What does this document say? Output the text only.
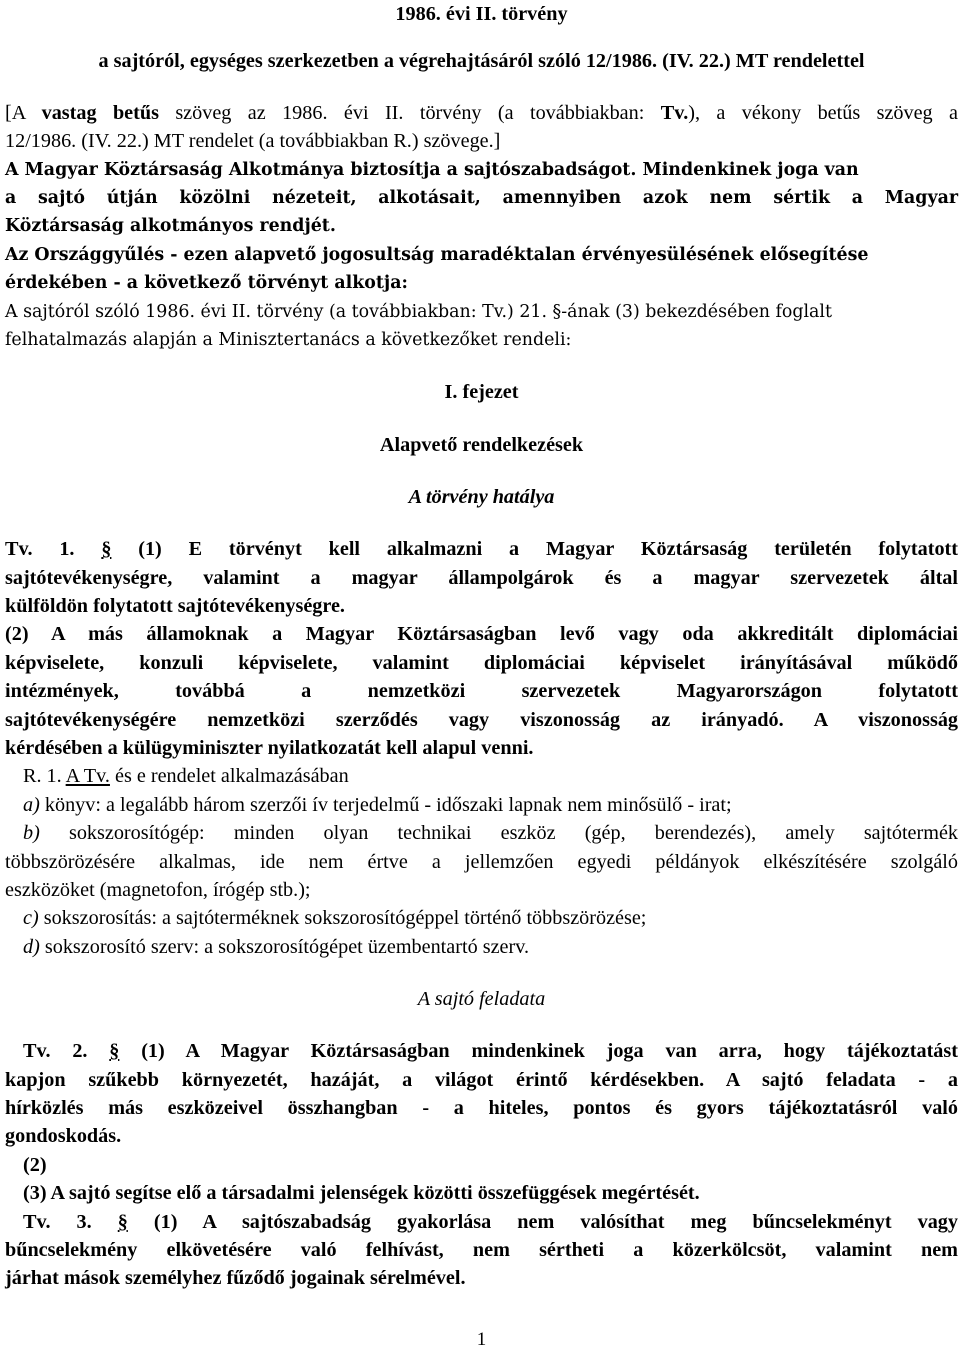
1986. évi II. törvény
a sajtóról, egységes szerkezetben a végrehajtásáról szóló 12/1986. (IV. 22.) MT rendelettel
[A vastag betűs szöveg az 1986. évi II. törvény (a továbbiakban: Tv.), a vékony betűs szöveg a
12/1986. (IV. 22.) MT rendelet (a továbbiakban R.) szövege.]
A Magyar Köztársaság Alkotmánya biztosítja a sajtószabadságot. Mindenkinek joga van
a sajtó útján közölni nézeteit, alkotásait, amennyiben azok nem sértik a Magyar
Köztársaság alkotmányos rendjét.
Az Országgyűlés - ezen alapvető jogosultság maradéktalan érvényesülésének elősegítése
érdekében - a következő törvényt alkotja:
A sajtóról szóló 1986. évi II. törvény (a továbbiakban: Tv.) 21. §-ának (3) bekezdésében foglalt
felhatalmazás alapján a Minisztertanács a következőket rendeli:
I. fejezet
Alapvető rendelkezések
A törvény hatálya
Tv. 1. § (1) E törvényt kell alkalmazni a Magyar Köztársaság területén folytatott
sajtótevékenységre, valamint a magyar állampolgárok és a magyar szervezetek által
külföldön folytatott sajtótevékenységre.
(2) A más államoknak a Magyar Köztársaságban levő vagy oda akkreditált diplomáciai
képviselete, konzuli képviselete, valamint diplomáciai képviselet irányításával működő
intézmények, továbbá a nemzetközi szervezetek Magyarországon folytatott
sajtótevékenységére nemzetközi szerződés vagy viszonosság az irányadó. A viszonosság
kérdésében a külügyminiszter nyilatkozatát kell alapul venni.
R. 1. A Tv. és e rendelet alkalmazásában
a) könyv: a legalább három szerzői ív terjedelmű - időszaki lapnak nem minősülő - irat;
b) sokszorosítógép: minden olyan technikai eszköz (gép, berendezés), amely sajtótermék
többszörözésére alkalmas, ide nem értve a jellemzően egyedi példányok elkészítésére szolgáló
eszközöket (magnetofon, írógép stb.);
c) sokszorosítás: a sajtóterméknek sokszorosítógéppel történő többszörözése;
d) sokszorosító szerv: a sokszorosítógépet üzembentartó szerv.
A sajtó feladata
Tv. 2. § (1) A Magyar Köztársaságban mindenkinek joga van arra, hogy tájékoztatást
kapjon szűkebb környezetét, hazáját, a világot érintő kérdésekben. A sajtó feladata - a
hírközlés más eszközeivel összhangban - a hiteles, pontos és gyors tájékoztatásról való
gondoskodás.
(2)
(3) A sajtó segítse elő a társadalmi jelenségek közötti összefüggések megértését.
Tv. 3. § (1) A sajtószabadság gyakorlása nem valósíthat meg bűncselekményt vagy
bűncselekmény elkövetésére való felhívást, nem sértheti a közerkölcsöt, valamint nem
járhat mások személyhez fűződő jogainak sérelmével.
1
